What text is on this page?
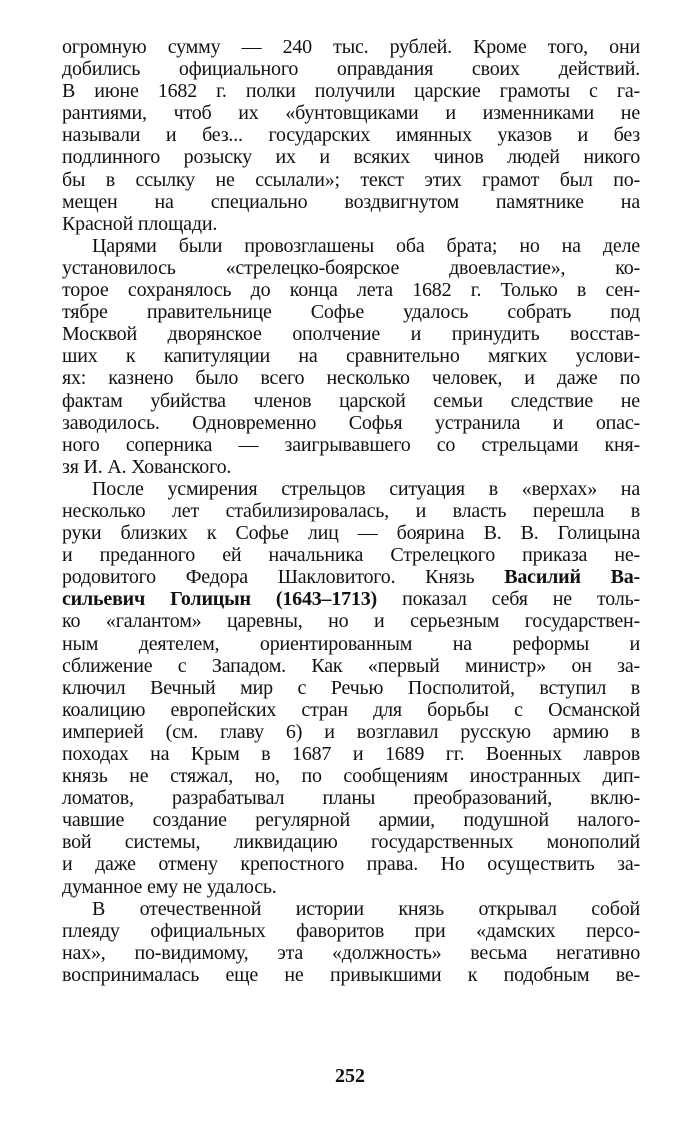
огромную сумму — 240 тыс. рублей. Кроме того, они
добились официального оправдания своих действий.
В июне 1682 г. полки получили царские грамоты с га-
рантиями, чтоб их «бунтовщиками и изменниками не
называли и без... государских имянных указов и без
подлинного розыску их и всяких чинов людей никого
бы в ссылку не ссылали»; текст этих грамот был по-
мещен на специально воздвигнутом памятнике на
Красной площади.
Царями были провозглашены оба брата; но на деле
установилось «стрелецко-боярское двоевластие», ко-
торое сохранялось до конца лета 1682 г. Только в сен-
тябре правительнице Софье удалось собрать под
Москвой дворянское ополчение и принудить восстав-
ших к капитуляции на сравнительно мягких услови-
ях: казнено было всего несколько человек, и даже по
фактам убийства членов царской семьи следствие не
заводилось. Одновременно Софья устранила и опас-
ного соперника — заигрывавшего со стрельцами кня-
зя И. А. Хованского.
После усмирения стрельцов ситуация в «верхах» на
несколько лет стабилизировалась, и власть перешла в
руки близких к Софье лиц — боярина В. В. Голицына
и преданного ей начальника Стрелецкого приказа не-
родовитого Федора Шакловитого. Князь Василий Ва-
сильевич Голицын (1643–1713) показал себя не толь-
ко «галантом» царевны, но и серьезным государствен-
ным деятелем, ориентированным на реформы и
сближение с Западом. Как «первый министр» он за-
ключил Вечный мир с Речью Посполитой, вступил в
коалицию европейских стран для борьбы с Османской
империей (см. главу 6) и возглавил русскую армию в
походах на Крым в 1687 и 1689 гг. Военных лавров
князь не стяжал, но, по сообщениям иностранных дип-
ломатов, разрабатывал планы преобразований, вклю-
чавшие создание регулярной армии, подушной налого-
вой системы, ликвидацию государственных монополий
и даже отмену крепостного права. Но осуществить за-
думанное ему не удалось.
В отечественной истории князь открывал собой
плеяду официальных фаворитов при «дамских персо-
нах», по-видимому, эта «должность» весьма негативно
воспринималась еще не привыкшими к подобным ве-
252
